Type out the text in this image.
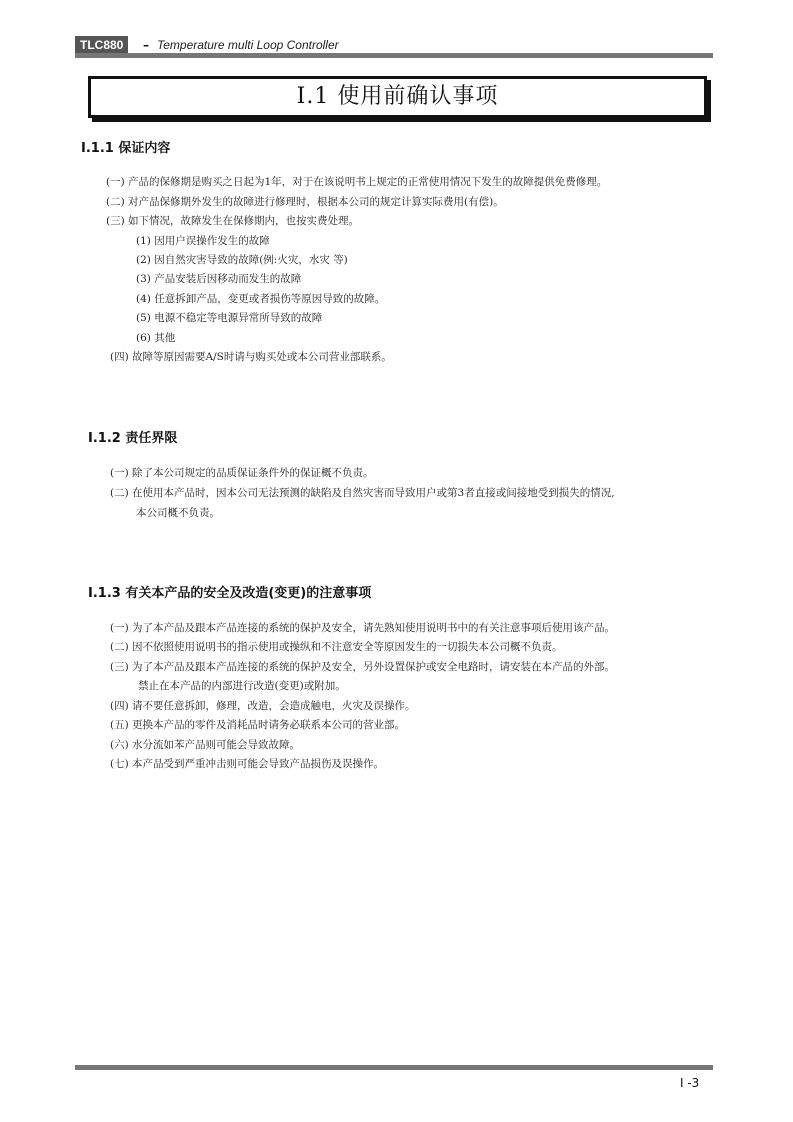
TLC880	– Temperature multi Loop Controller
I.1 使用前确认事项
I.1.1 保证内容
(一) 产品的保修期是购买之日起为1年，对于在该说明书上规定的正常使用情况下发生的故障提供免费修理。
(二) 对产品保修期外发生的故障进行修理时，根据本公司的规定计算实际费用(有偿)。
(三) 如下情况，故障发生在保修期内，也按实费处理。
(1) 因用户误操作发生的故障
(2) 因自然灾害导致的故障(例:火灾，水灾 等)
(3) 产品安装后因移动而发生的故障
(4) 任意拆卸产品，变更或者损伤等原因导致的故障。
(5) 电源不稳定等电源异常所导致的故障
(6) 其他
(四) 故障等原因需要A/S时请与购买处或本公司营业部联系。
I.1.2 责任界限
(一) 除了本公司规定的品质保证条件外的保证概不负责。
(二) 在使用本产品时，因本公司无法预测的缺陷及自然灾害而导致用户或第3者直接或间接地受到损失的情况,
本公司概不负责。
I.1.3 有关本产品的安全及改造(变更)的注意事项
(一) 为了本产品及跟本产品连接的系统的保护及安全，请先熟知使用说明书中的有关注意事项后使用该产品。
(二) 因不依照使用说明书的指示使用或操纵和不注意安全等原因发生的一切损失本公司概不负责。
(三) 为了本产品及跟本产品连接的系统的保护及安全，另外设置保护或安全电路时，请安装在本产品的外部。
禁止在本产品的内部进行改造(变更)或附加。
(四) 请不要任意拆卸，修理，改造，会造成触电，火灾及误操作。
(五) 更换本产品的零件及消耗品时请务必联系本公司的营业部。
(六) 水分流如苯产品则可能会导致故障。
(七) 本产品受到严重冲击则可能会导致产品损伤及误操作。
I -3
